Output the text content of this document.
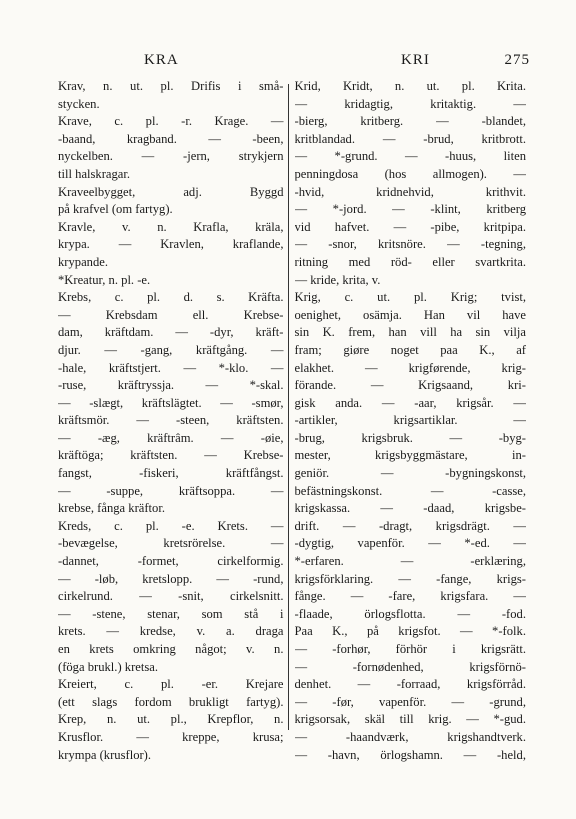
KRA	KRI	275
Krav, n. ut. pl. Drifis i små-
stycken.
Krave, c. pl. -r. Krage. —
-baand, kragband. — -been,
nyckelben. — -jern, strykjern
till halskragar.
Kraveelbygget, adj. Byggd
på krafvel (om fartyg).
Kravle, v. n. Krafla, kräla,
krypa. — Kravlen, kraflande,
krypande.
*Kreatur, n. pl. -e.
Krebs, c. pl. d. s. Kräfta.
— Krebsdam ell. Krebse-
dam, kräftdam. — -dyr, kräft-
djur. — -gang, kräftgång. —
-hale, kräftstjert. — *-klo. —
-ruse, kräftryssja. — *-skal.
— -slægt, kräftslägtet. — -smør,
kräftsmör. — -steen, kräftsten.
— -æg, kräftrâm. — -øie,
kräftöga; kräftsten. — Krebse-
fangst, -fiskeri, kräftfångst.
— -suppe, kräftsoppa. —
krebse, fånga kräftor.
Kreds, c. pl. -e. Krets. —
-bevægelse, kretsrörelse. —
-dannet, -formet, cirkelformig.
— -løb, kretslopp. — -rund,
cirkelrund. — -snit, cirkelsnitt.
— -stene, stenar, som stå i
krets. — kredse, v. a. draga
en krets omkring något; v. n.
(föga brukl.) kretsa.
Kreiert, c. pl. -er. Krejare
(ett slags fordom brukligt fartyg).
Krep, n. ut. pl., Krepflor, n.
Krusflor. — kreppe, krusa;
krympa (krusflor).
Krid, Kridt, n. ut. pl. Krita.
— kridagtig, kritaktig. —
-bierg, kritberg. — -blandet,
kritblandad. — -brud, kritbrott.
— *-grund. — -huus, liten
penningdosa (hos allmogen). —
-hvid, kridnehvid, krithvit.
— *-jord. — -klint, kritberg
vid hafvet. — -pibe, kritpipa.
— -snor, kritsnöre. — -tegning,
ritning med röd- eller svartkrita.
— kride, krita, v.
Krig, c. ut. pl. Krig; tvist,
oenighet, osämja. Han vil have
sin K. frem, han vill ha sin vilja
fram; giøre noget paa K., af
elakhet. — krigførende, krig-
förande. — Krigsaand, kri-
gisk anda. — -aar, krigsår. —
-artikler, krigsartiklar. —
-brug, krigsbruk. — -byg-
mester, krigsbyggmästare, in-
geniör. — -bygningskonst,
befästningskonst. — -casse,
krigskassa. — -daad, krigsbe-
drift. — -dragt, krigsdrägt. —
-dygtig, vapenför. — *-ed. —
*-erfaren. — -erklæring,
krigsförklaring. — -fange, krigs-
fånge. — -fare, krigsfara. —
-flaade, örlogsflotta. — -fod.
Paa K., på krigsfot. — *-folk.
— -forhør, förhör i krigsrätt.
— -fornødenhed, krigsförnö-
denhet. — -forraad, krigsförråd.
— -før, vapenför. — -grund,
krigsorsak, skäl till krig. — *-gud.
— -haandværk, krigshandtverk.
— -havn, örlogshamn. — -held,
